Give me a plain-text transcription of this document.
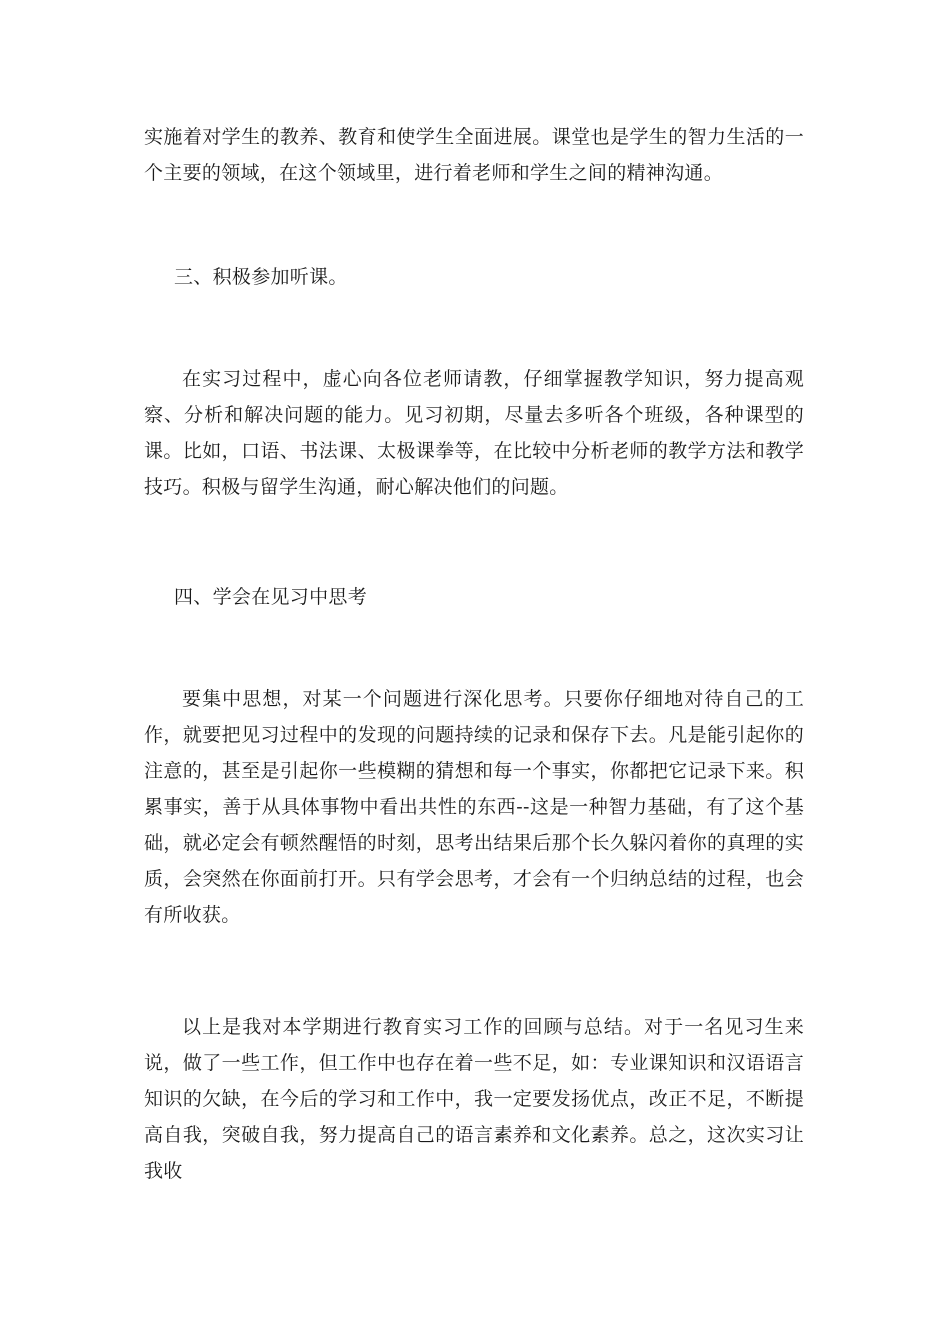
实施着对学生的教养、教育和使学生全面进展。课堂也是学生的智力生活的一个主要的领域，在这个领域里，进行着老师和学生之间的精神沟通。

三、积极参加听课。

在实习过程中，虚心向各位老师请教，仔细掌握教学知识，努力提高观察、分析和解决问题的能力。见习初期，尽量去多听各个班级，各种课型的课。比如，口语、书法课、太极课拳等，在比较中分析老师的教学方法和教学技巧。积极与留学生沟通，耐心解决他们的问题。

四、学会在见习中思考

要集中思想，对某一个问题进行深化思考。只要你仔细地对待自己的工作，就要把见习过程中的发现的问题持续的记录和保存下去。凡是能引起你的注意的，甚至是引起你一些模糊的猜想和每一个事实，你都把它记录下来。积累事实，善于从具体事物中看出共性的东西--这是一种智力基础，有了这个基础，就必定会有顿然醒悟的时刻，思考出结果后那个长久躲闪着你的真理的实质，会突然在你面前打开。只有学会思考，才会有一个归纳总结的过程，也会有所收获。

以上是我对本学期进行教育实习工作的回顾与总结。对于一名见习生来说，做了一些工作，但工作中也存在着一些不足，如：专业课知识和汉语语言知识的欠缺，在今后的学习和工作中，我一定要发扬优点，改正不足，不断提高自我，突破自我，努力提高自己的语言素养和文化素养。总之，这次实习让我收
